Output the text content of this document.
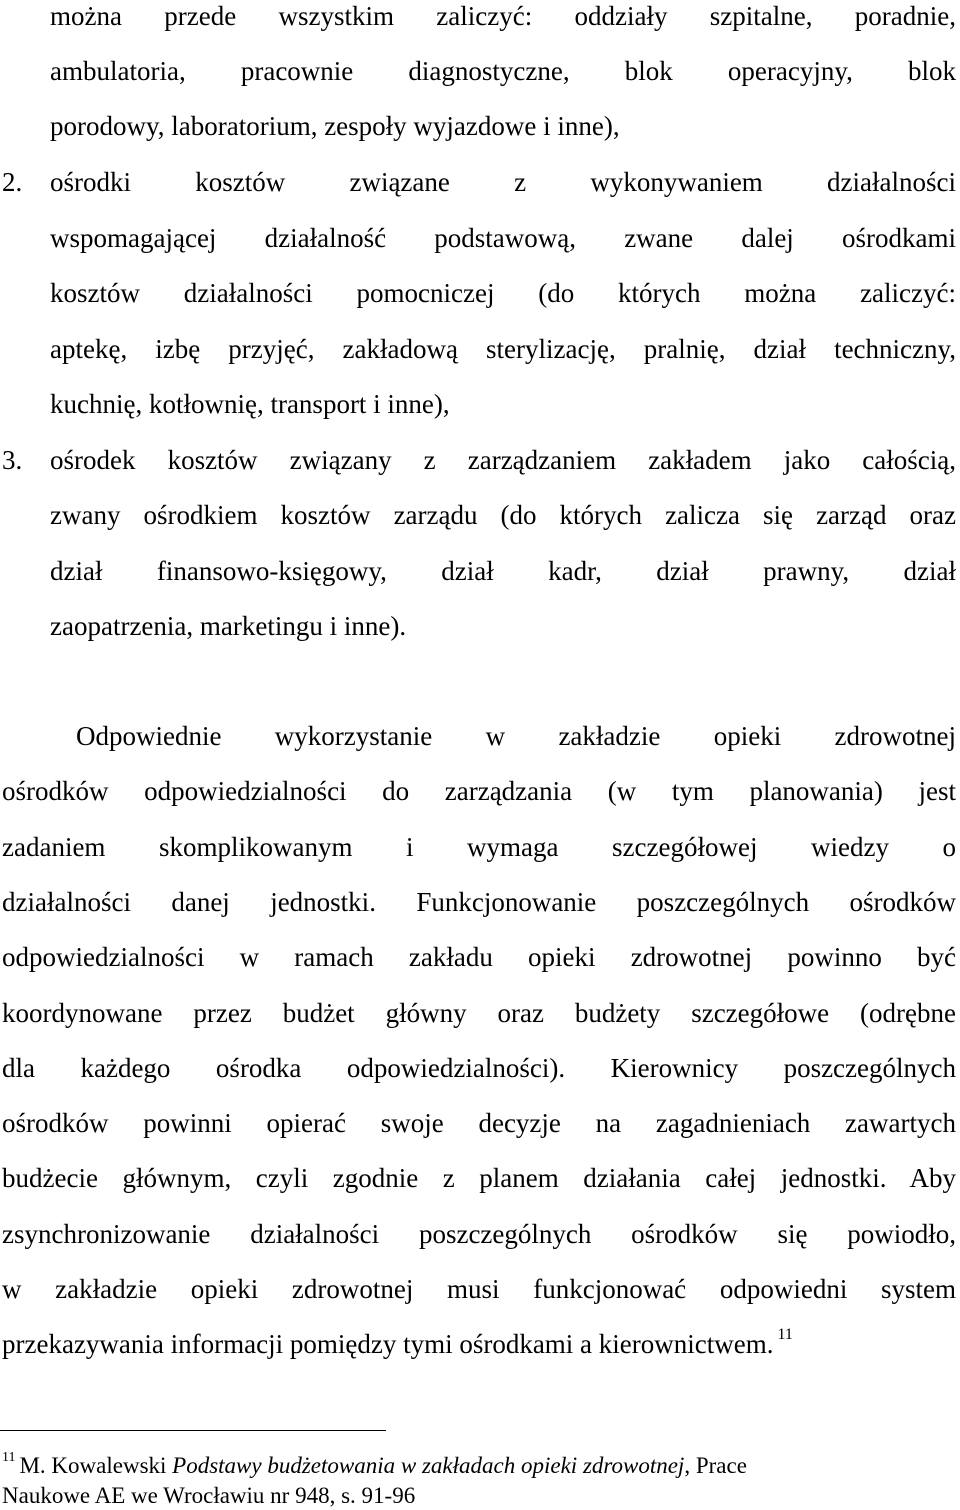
można przede wszystkim zaliczyć: oddziały szpitalne, poradnie,
ambulatoria, pracownie diagnostyczne, blok operacyjny, blok
porodowy, laboratorium, zespoły wyjazdowe i inne),
2. ośrodki kosztów związane z wykonywaniem działalności
wspomagającej działalność podstawową, zwane dalej ośrodkami
kosztów działalności pomocniczej (do których można zaliczyć:
aptekę, izbę przyjęć, zakładową sterylizację, pralnię, dział techniczny,
kuchnię, kotłownię, transport i inne),
3. ośrodek kosztów związany z zarządzaniem zakładem jako całością,
zwany ośrodkiem kosztów zarządu (do których zalicza się zarząd oraz
dział finansowo-księgowy, dział kadr, dział prawny, dział
zaopatrzenia, marketingu i inne).
Odpowiednie wykorzystanie w zakładzie opieki zdrowotnej
ośrodków odpowiedzialności do zarządzania (w tym planowania) jest
zadaniem skomplikowanym i wymaga szczegółowej wiedzy o
działalności danej jednostki. Funkcjonowanie poszczególnych ośrodków
odpowiedzialności w ramach zakładu opieki zdrowotnej powinno być
koordynowane przez budżet główny oraz budżety szczegółowe (odrębne
dla każdego ośrodka odpowiedzialności). Kierownicy poszczególnych
ośrodków powinni opierać swoje decyzje na zagadnieniach zawartych
budżecie głównym, czyli zgodnie z planem działania całej jednostki. Aby
zsynchronizowanie działalności poszczególnych ośrodków się powiodło,
w zakładzie opieki zdrowotnej musi funkcjonować odpowiedni system
przekazywania informacji pomiędzy tymi ośrodkami a kierownictwem. $^{11}$
$^{11}$ M. Kowalewski Podstawy budżetowania w zakładach opieki zdrowotnej, Prace
Naukowe AE we Wrocławiu nr 948, s. 91-96
